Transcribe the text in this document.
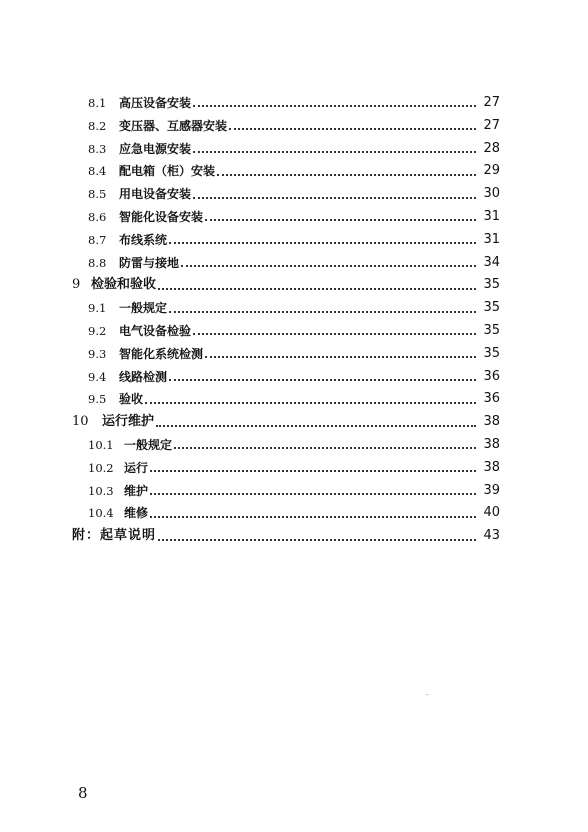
8.1 高压设备安装	27
8.2 变压器、互感器安装	27
8.3 应急电源安装	28
8.4 配电箱（柜）安装	29
8.5 用电设备安装	30
8.6 智能化设备安装	31
8.7 布线系统	31
8.8 防雷与接地	34
9 检验和验收	35
9.1 一般规定	35
9.2 电气设备检验	35
9.3 智能化系统检测	35
9.4 线路检测	36
9.5 验收	36
10 运行维护	38
10.1 一般规定	38
10.2 运行	38
10.3 维护	39
10.4 维修	40
附：起草说明	43
8
